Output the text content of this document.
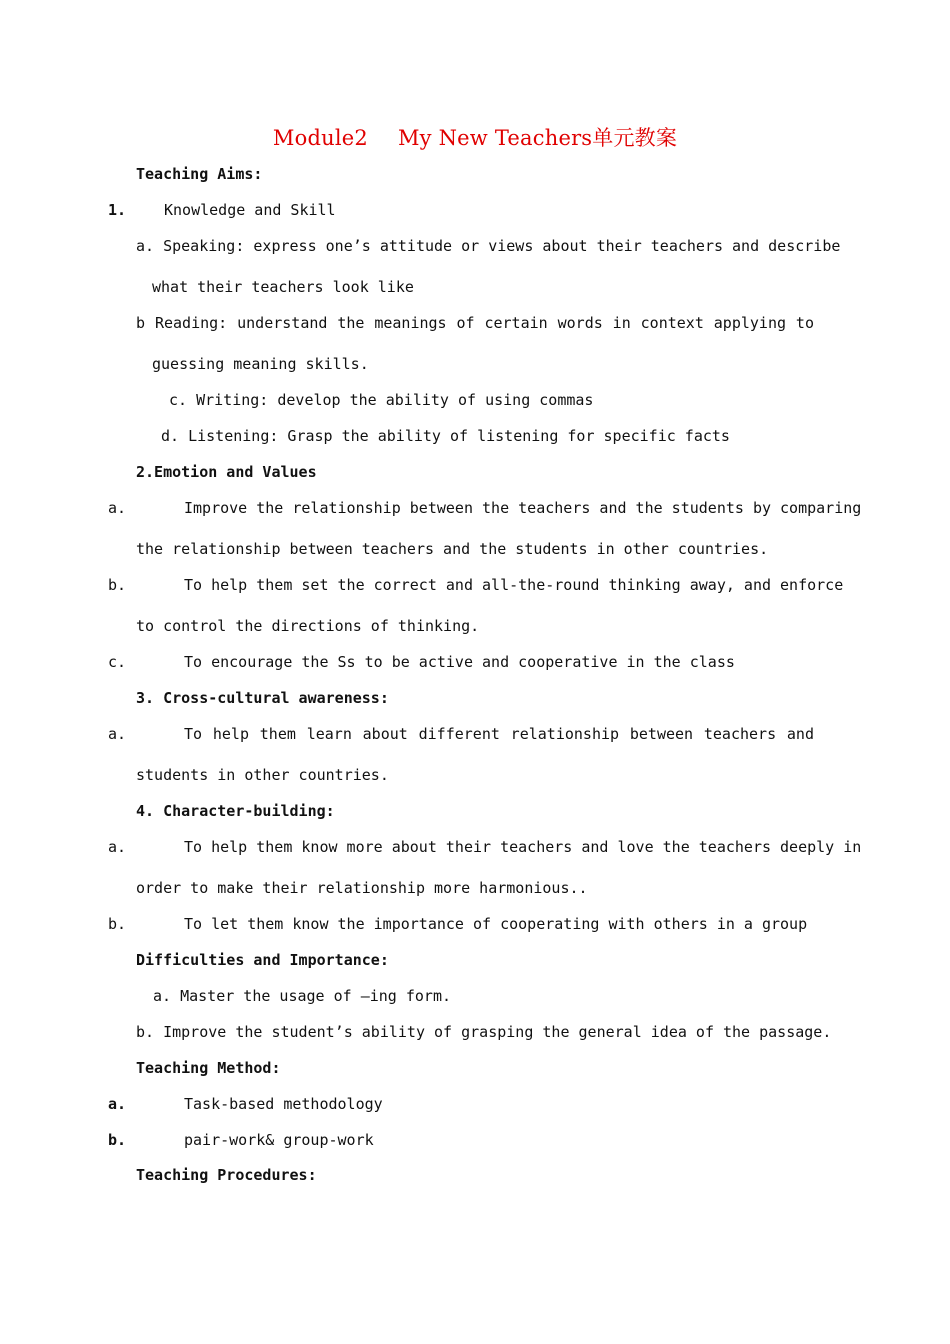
Module2 My New Teachers单元教案
Teaching Aims:
1.	Knowledge and Skill
a. Speaking: express one’s attitude or views about their teachers and describe
what their teachers look like
b Reading: understand the meanings of certain words in context applying to
guessing meaning skills.
c. Writing: develop the ability of using commas
d. Listening: Grasp the ability of listening for specific facts
2.Emotion and Values
a.	Improve the relationship between the teachers and the students by comparing
the relationship between teachers and the students in other countries.
b.	To help them set the correct and all-the-round thinking away, and enforce
to control the directions of thinking.
c.	To encourage the Ss to be active and cooperative in the class
3. Cross-cultural awareness:
a.	To help them learn about different relationship between teachers and
students in other countries.
4. Character-building:
a.	To help them know more about their teachers and love the teachers deeply in
order to make their relationship more harmonious..
b.	To let them know the importance of cooperating with others in a group
Difficulties and Importance:
a. Master the usage of –ing form.
b. Improve the student’s ability of grasping the general idea of the passage.
Teaching Method:
a.	Task-based methodology
b.	pair-work& group-work
Teaching Procedures:
